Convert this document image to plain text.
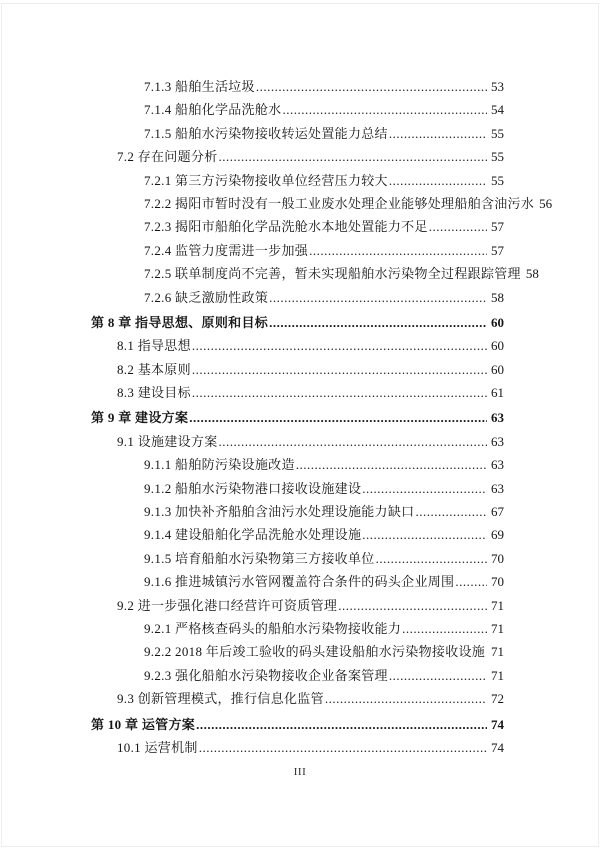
7.1.3 船舶生活垃圾 .....	53
7.1.4 船舶化学品洗舱水 .....	54
7.1.5 船舶水污染物接收转运处置能力总结 .....	55
7.2 存在问题分析 .....	55
7.2.1 第三方污染物接收单位经营压力较大 .....	55
7.2.2 揭阳市暂时没有一般工业废水处理企业能够处理船舶含油污水 56
7.2.3 揭阳市船舶化学品洗舱水本地处置能力不足 .....	57
7.2.4 监管力度需进一步加强 .....	57
7.2.5 联单制度尚不完善，暂未实现船舶水污染物全过程跟踪管理 58
7.2.6 缺乏激励性政策 .....	58
第 8 章 指导思想、原则和目标 .....	60
8.1 指导思想 .....	60
8.2 基本原则 .....	60
8.3 建设目标 .....	61
第 9 章 建设方案 .....	63
9.1 设施建设方案 .....	63
9.1.1 船舶防污染设施改造 .....	63
9.1.2 船舶水污染物港口接收设施建设 .....	63
9.1.3 加快补齐船舶含油污水处理设施能力缺口 .....	67
9.1.4 建设船舶化学品洗舱水处理设施 .....	69
9.1.5 培育船舶水污染物第三方接收单位 .....	70
9.1.6 推进城镇污水管网覆盖符合条件的码头企业周围 .....	70
9.2 进一步强化港口经营许可资质管理 .....	71
9.2.1 严格核查码头的船舶水污染物接收能力 .....	71
9.2.2 2018 年后竣工验收的码头建设船舶水污染物接收设施 ..... 71
9.2.3 强化船舶水污染物接收企业备案管理 .....	71
9.3 创新管理模式，推行信息化监管 .....	72
第 10 章 运管方案 .....	74
10.1 运营机制 .....	74
III
